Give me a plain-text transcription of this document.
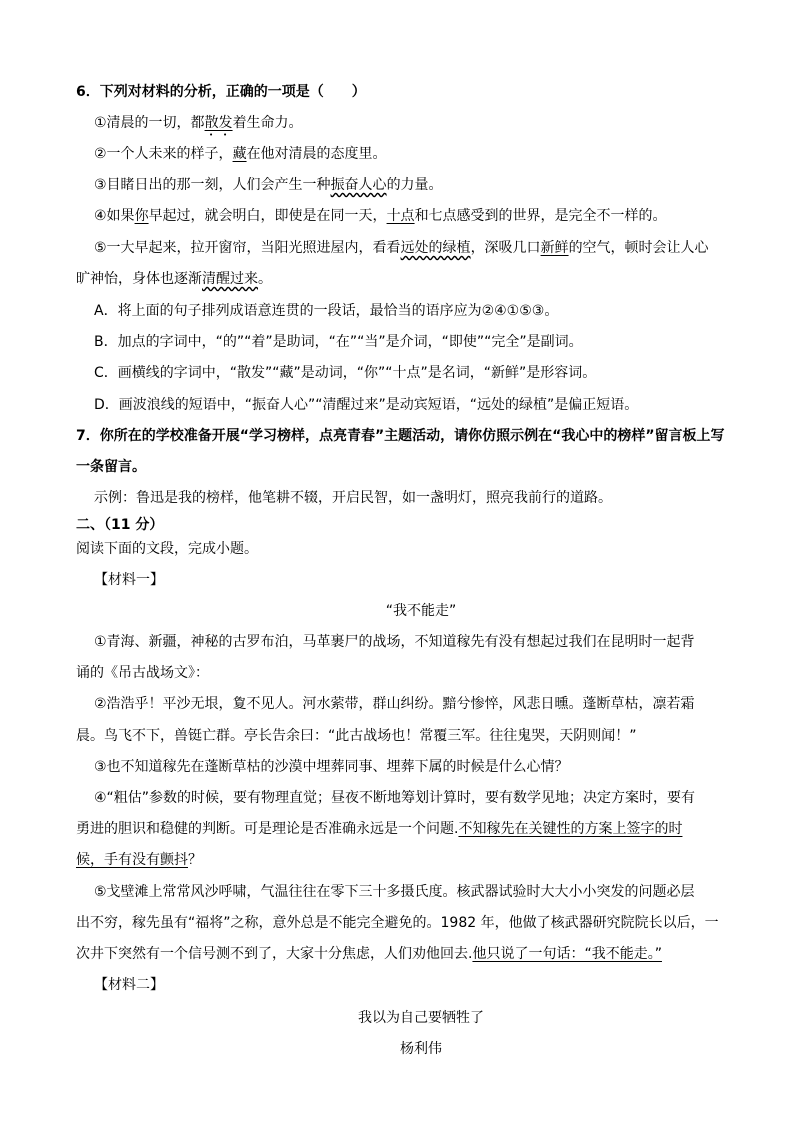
6．下列对材料的分析，正确的一项是（　　）
①清晨的一切，都散发着生命力。
②一个人未来的样子，藏在他对清晨的态度里。
③目睹日出的那一刻，人们会产生一种振奋人心的力量。
④如果你早起过，就会明白，即使是在同一天，十点和七点感受到的世界，是完全不一样的。
⑤一大早起来，拉开窗帘，当阳光照进屋内，看看远处的绿植，深吸几口新鲜的空气，顿时会让人心
旷神怡，身体也逐渐清醒过来。
A．将上面的句子排列成语意连贯的一段话，最恰当的语序应为②④①⑤③。
B．加点的字词中，“的”“着”是助词，“在”“当”是介词，“即使”“完全”是副词。
C．画横线的字词中，“散发”“藏”是动词，“你”“十点”是名词，“新鲜”是形容词。
D．画波浪线的短语中，“振奋人心”“清醒过来”是动宾短语，“远处的绿植”是偏正短语。
7．你所在的学校准备开展“学习榜样，点亮青春”主题活动，请你仿照示例在“我心中的榜样”留言板上写
一条留言。
示例：鲁迅是我的榜样，他笔耕不辍，开启民智，如一盏明灯，照亮我前行的道路。
二、（11 分）
阅读下面的文段，完成小题。
【材料一】
“我不能走”
①青海、新疆，神秘的古罗布泊，马革裹尸的战场，不知道稼先有没有想起过我们在昆明时一起背
诵的《吊古战场文》：
②浩浩乎！平沙无垠，夐不见人。河水萦带，群山纠纷。黯兮惨悴，风悲日曛。蓬断草枯，凛若霜
晨。鸟飞不下，兽铤亡群。亭长告余曰：“此古战场也！常覆三军。往往鬼哭，天阴则闻！”
③也不知道稼先在蓬断草枯的沙漠中埋葬同事、埋葬下属的时候是什么心情？
④“粗估”参数的时候，要有物理直觉；昼夜不断地筹划计算时，要有数学见地；决定方案时，要有
勇进的胆识和稳健的判断。可是理论是否准确永远是一个问题.不知稼先在关键性的方案上签字的时
候，手有没有颤抖？
⑤戈壁滩上常常风沙呼啸，气温往往在零下三十多摄氏度。核武器试验时大大小小突发的问题必层
出不穷，稼先虽有“福将”之称，意外总是不能完全避免的。1982 年，他做了核武器研究院院长以后，一
次井下突然有一个信号测不到了，大家十分焦虑，人们劝他回去.他只说了一句话：“我不能走。”
【材料二】
我以为自己要牺牲了
杨利伟
